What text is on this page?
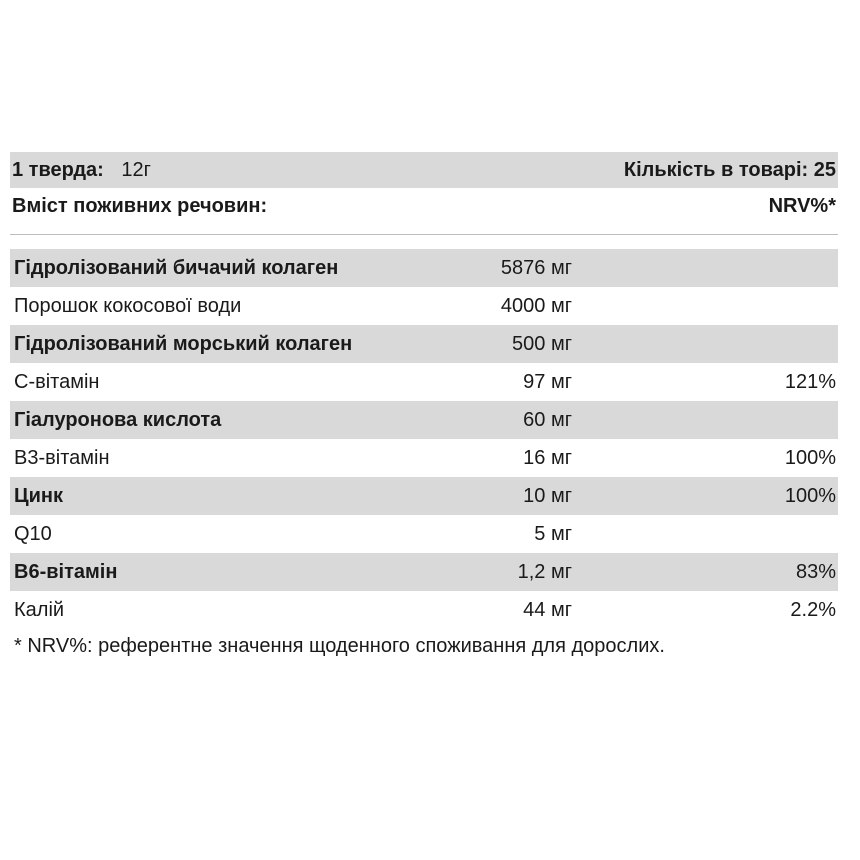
1 тверда: 12г	Кількість в товарі: 25
Вміст поживних речовин:	NRV%*
Гідролізований бичачий колаген	5876 мг
Порошок кокосової води	4000 мг
Гідролізований морський колаген	500 мг
С-вітамін	97 мг	121%
Гіалуронова кислота	60 мг
В3-вітамін	16 мг	100%
Цинк	10 мг	100%
Q10	5 мг
В6-вітамін	1,2 мг	83%
Калій	44 мг	2.2%
* NRV%: референтне значення щоденного споживання для дорослих.
